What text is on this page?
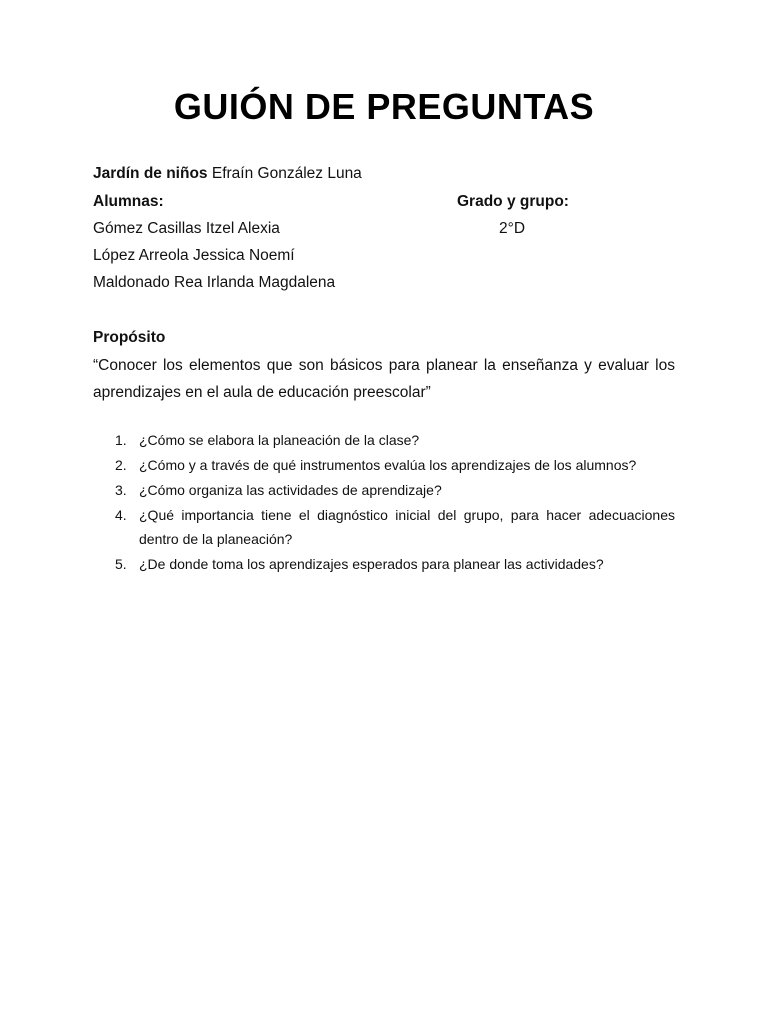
GUIÓN DE PREGUNTAS
Jardín de niños Efraín González Luna
Alumnas:	Grado y grupo:
Gómez Casillas Itzel Alexia	2°D
López Arreola Jessica Noemí
Maldonado Rea Irlanda Magdalena
Propósito
“Conocer los elementos que son básicos para planear la enseñanza y evaluar los aprendizajes en el aula de educación preescolar”
1. ¿Cómo se elabora la planeación de la clase?
2. ¿Cómo y a través de qué instrumentos evalúa los aprendizajes de los alumnos?
3. ¿Cómo organiza las actividades de aprendizaje?
4. ¿Qué importancia tiene el diagnóstico inicial del grupo, para hacer adecuaciones dentro de la planeación?
5. ¿De donde toma los aprendizajes esperados para planear las actividades?
